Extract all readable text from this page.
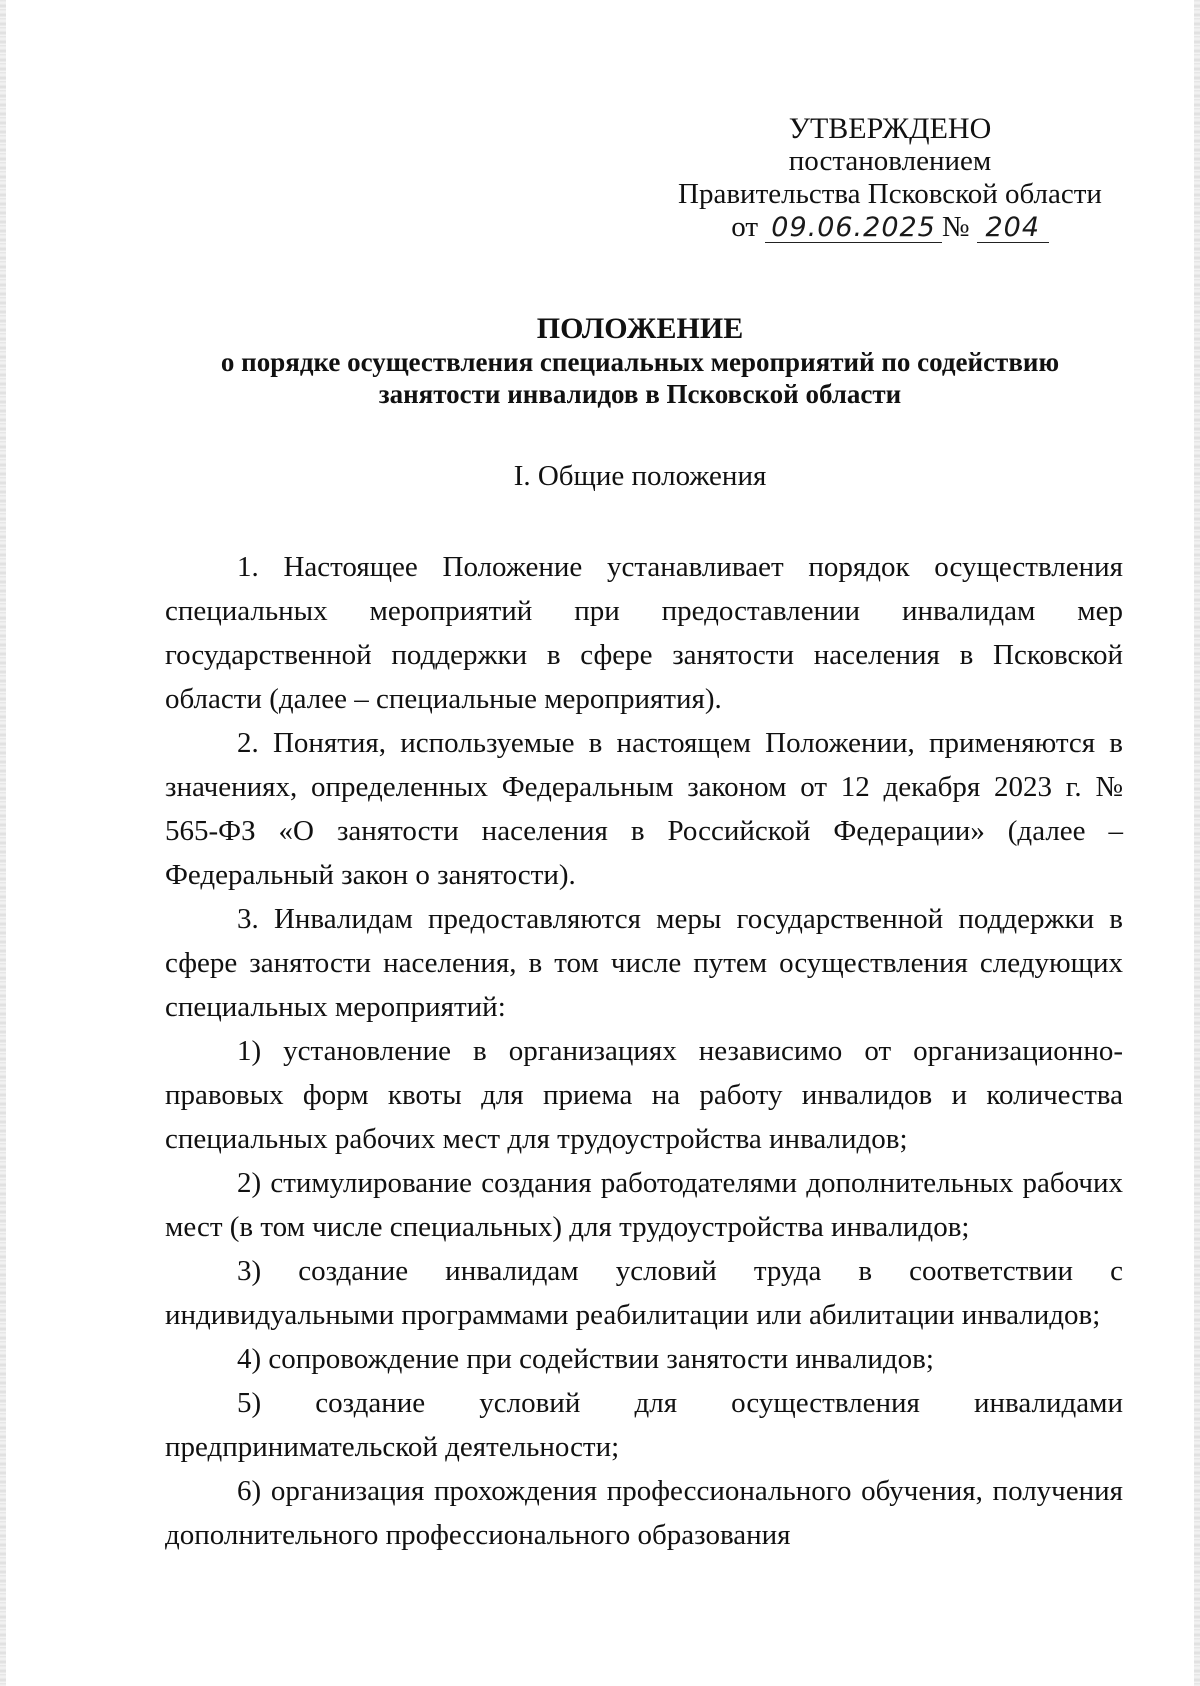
УТВЕРЖДЕНО
постановлением
Правительства Псковской области
от 09.06.2025 № 204
ПОЛОЖЕНИЕ
о порядке осуществления специальных мероприятий по содействию
занятости инвалидов в Псковской области
I. Общие положения

1. Настоящее Положение устанавливает порядок осуществления специальных мероприятий при предоставлении инвалидам мер государственной поддержки в сфере занятости населения в Псковской области (далее – специальные мероприятия).

2. Понятия, используемые в настоящем Положении, применяются в значениях, определенных Федеральным законом от 12 декабря 2023 г. № 565-ФЗ «О занятости населения в Российской Федерации» (далее – Федеральный закон о занятости).

3. Инвалидам предоставляются меры государственной поддержки в сфере занятости населения, в том числе путем осуществления следующих специальных мероприятий:

1) установление в организациях независимо от организационно-правовых форм квоты для приема на работу инвалидов и количества специальных рабочих мест для трудоустройства инвалидов;

2) стимулирование создания работодателями дополнительных рабочих мест (в том числе специальных) для трудоустройства инвалидов;

3) создание инвалидам условий труда в соответствии с индивидуальными программами реабилитации или абилитации инвалидов;

4) сопровождение при содействии занятости инвалидов;

5) создание условий для осуществления инвалидами предпринимательской деятельности;

6) организация прохождения профессионального обучения, получения дополнительного профессионального образования
